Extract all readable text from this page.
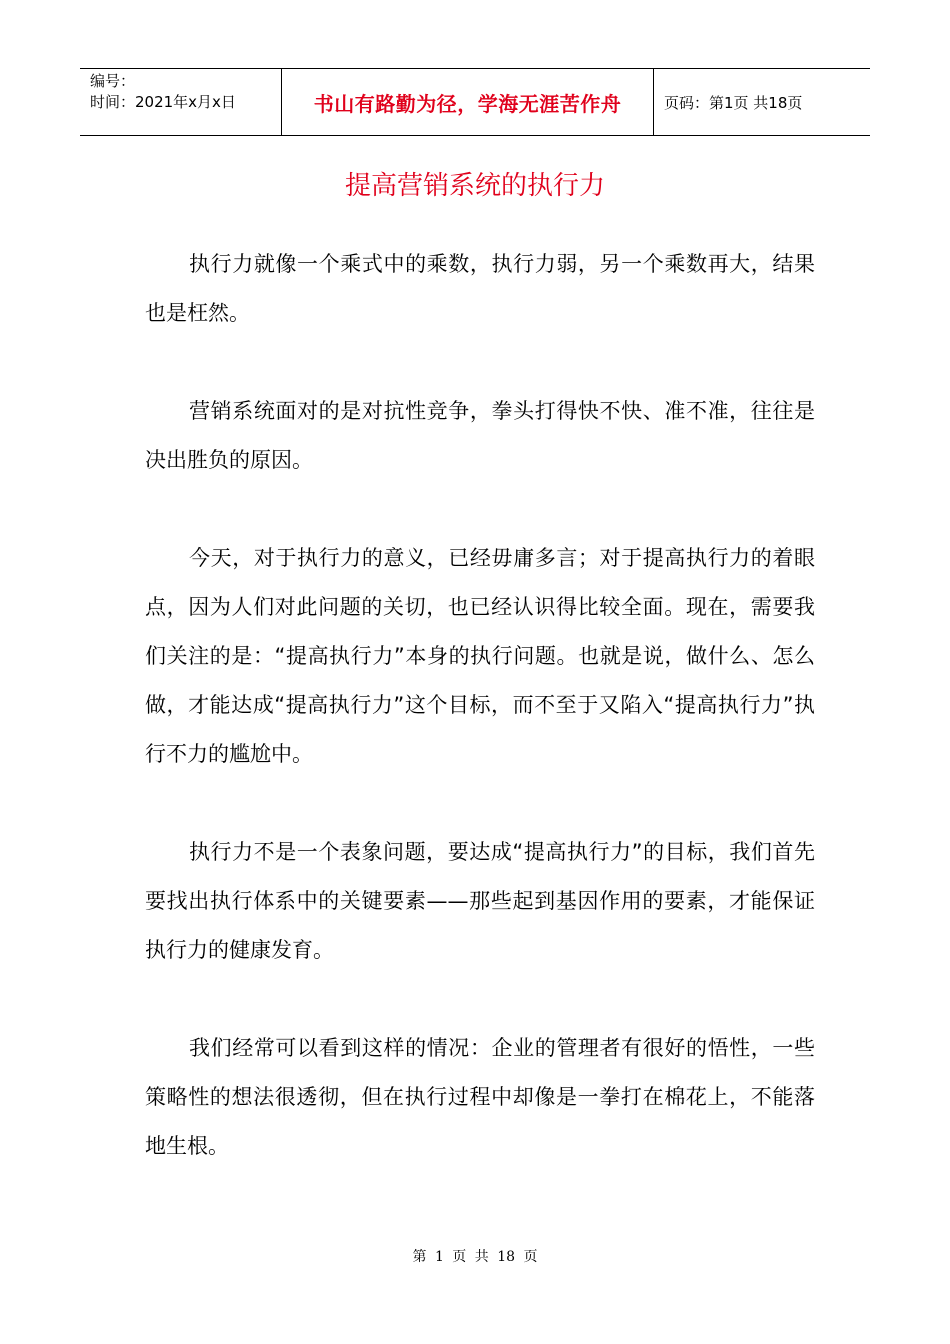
编号：
时间：2021年x月x日	书山有路勤为径，学海无涯苦作舟	页码：第1页 共18页
提高营销系统的执行力

执行力就像一个乘式中的乘数，执行力弱，另一个乘数再大，结果也是枉然。

营销系统面对的是对抗性竞争，拳头打得快不快、准不准，往往是决出胜负的原因。

今天，对于执行力的意义，已经毋庸多言；对于提高执行力的着眼点，因为人们对此问题的关切，也已经认识得比较全面。现在，需要我们关注的是：“提高执行力”本身的执行问题。也就是说，做什么、怎么做，才能达成“提高执行力”这个目标，而不至于又陷入“提高执行力”执行不力的尴尬中。

执行力不是一个表象问题，要达成“提高执行力”的目标，我们首先要找出执行体系中的关键要素——那些起到基因作用的要素，才能保证执行力的健康发育。

我们经常可以看到这样的情况：企业的管理者有很好的悟性，一些策略性的想法很透彻，但在执行过程中却像是一拳打在棉花上，不能落地生根。

第 1 页 共 18 页
